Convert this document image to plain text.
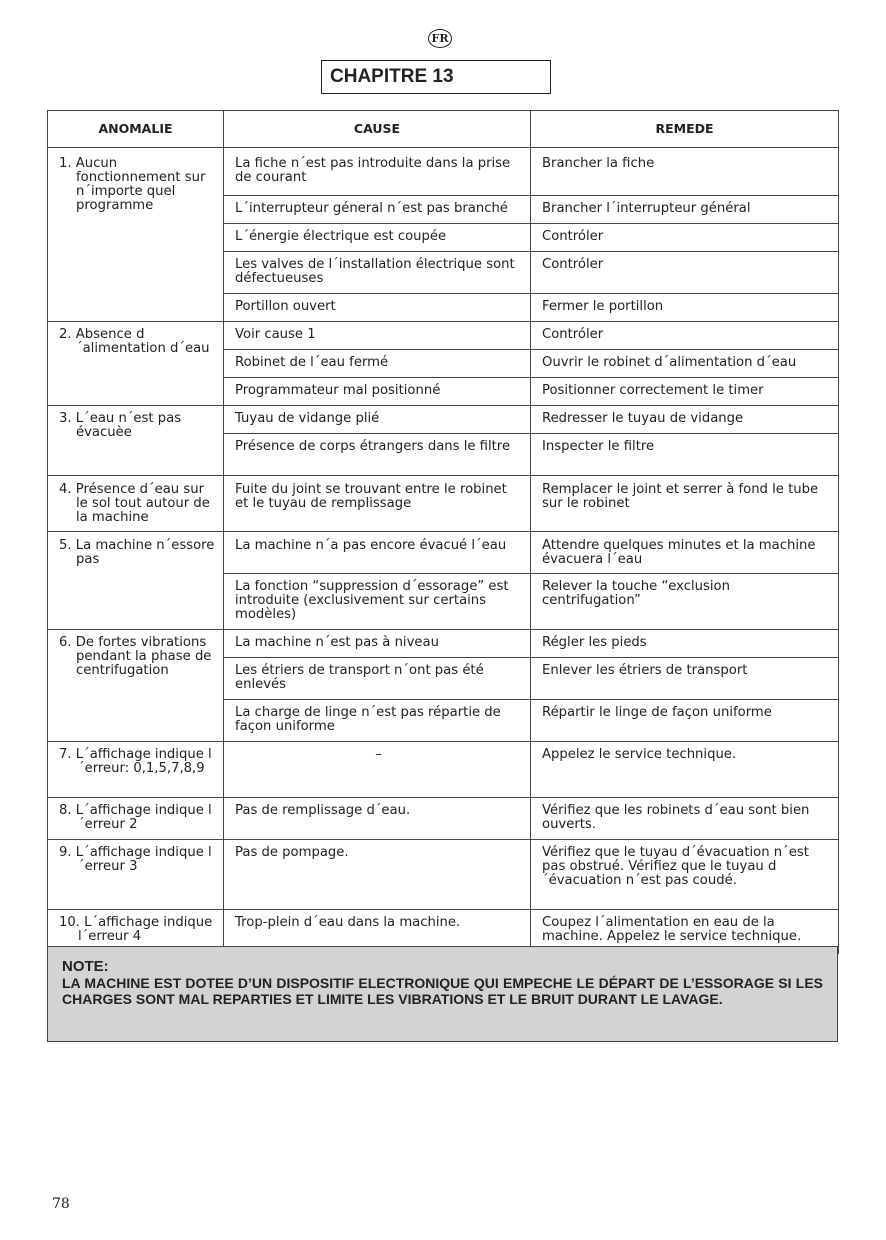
FR
CHAPITRE 13
ANOMALIE	CAUSE	REMEDE

1. Aucun fonctionnement sur n´importe quel programme	La fiche n´est pas introduite dans la prise de courant	Brancher la fiche
	L´interrupteur géneral n´est pas branché	Brancher l´interrupteur général
	L´énergie électrique est coupée	Contróler
	Les valves de l´installation électrique sont défectueuses	Contróler
	Portillon ouvert	Fermer le portillon

2. Absence d´alimentation d´eau	Voir cause 1	Contróler
	Robinet de l´eau fermé	Ouvrir le robinet d´alimentation d´eau
	Programmateur mal positionné	Positionner correctement le timer

3. L´eau n´est pas évacuèe	Tuyau de vidange plié	Redresser le tuyau de vidange
	Présence de corps étrangers dans le filtre	Inspecter le filtre

4. Présence d´eau sur le sol tout autour de la machine	Fuite du joint se trouvant entre le robinet et le tuyau de remplissage	Remplacer le joint et serrer à fond le tube sur le robinet

5. La machine n´essore pas	La machine n´a pas encore évacué l´eau	Attendre quelques minutes et la machine évacuera l´eau
	La fonction “suppression d´essorage” est introduite (exclusivement sur certains modèles)	Relever la touche “exclusion centrifugation”

6. De fortes vibrations pendant la phase de centrifugation	La machine n´est pas à niveau	Régler les pieds
	Les étriers de transport n´ont pas été enlevés	Enlever les étriers de transport
	La charge de linge n´est pas répartie de façon uniforme	Répartir le linge de façon uniforme

7. L´affichage indique l´erreur: 0,1,5,7,8,9	–	Appelez le service technique.

8. L´affichage indique l´erreur 2	Pas de remplissage d´eau.	Vérifiez que les robinets d´eau sont bien ouverts.

9. L´affichage indique l´erreur 3	Pas de pompage.	Vérifiez que le tuyau d´évacuation n´est pas obstrué. Vérifiez que le tuyau d´évacuation n´est pas coudé.

10. L´affichage indique l´erreur 4	Trop-plein d´eau dans la machine.	Coupez l´alimentation en eau de la machine. Appelez le service technique.
NOTE:
LA MACHINE EST DOTEE D’UN DISPOSITIF ELECTRONIQUE QUI EMPECHE LE DÉPART DE L’ESSORAGE SI LES CHARGES SONT MAL REPARTIES ET LIMITE LES VIBRATIONS ET LE BRUIT DURANT LE LAVAGE.
78
